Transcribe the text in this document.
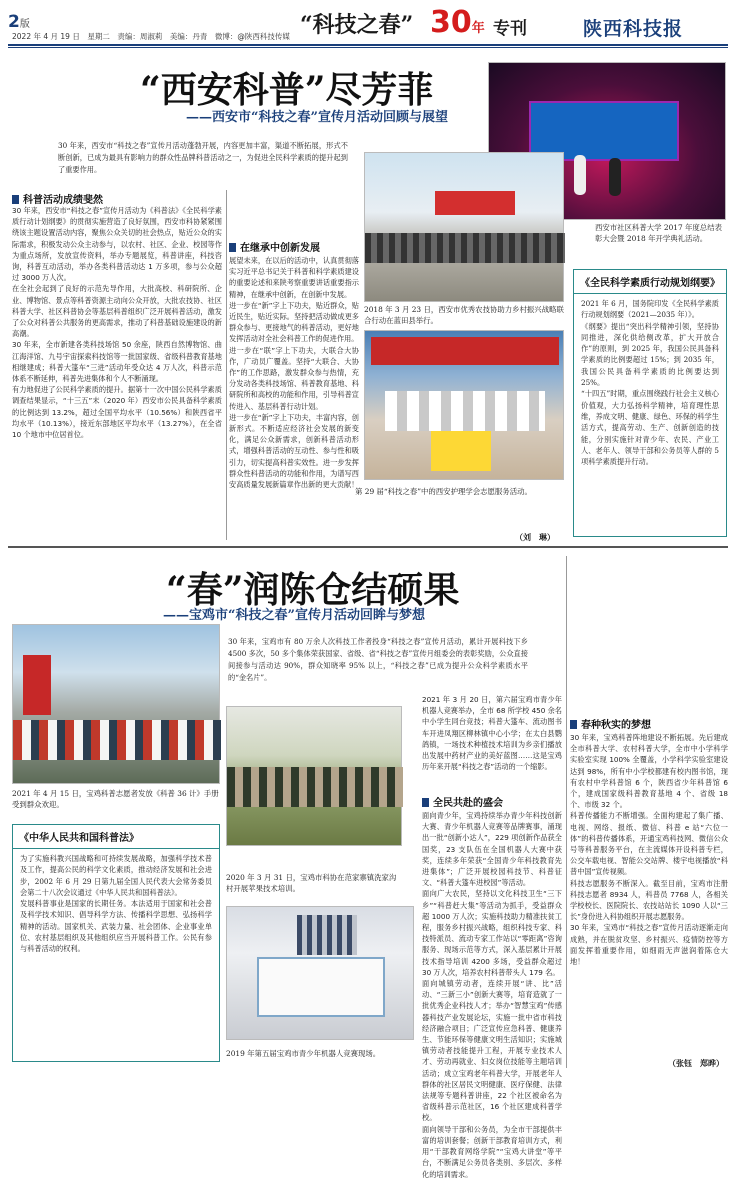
2版
2022 年 4 月 19 日　星期二　责编：周淑莉　美编：丹青　微博：@陕西科技传媒 “科技之春” 30年 专刊	陕西科技报
“西安科普”尽芳菲
——西安市“科技之春”宣传月活动回顾与展望
30 年来，西安市“科技之春”宣传月活动蓬勃开展，内容更加丰富，渠道不断拓展，形式不断创新，已成为最具有影响力的群众性品牌科普活动之一，为促进全民科学素质的提升起到了重要作用。
科普活动成绩斐然
30 年来，西安市“科技之春”宣传月活动为《科普法》《全民科学素质行动计划纲要》的贯彻实施营造了良好氛围，西安市科协紧紧围绕该主题设置活动内容，聚焦公众关切的社会热点，贴近公众的实际需求，积极发动公众主动参与，以农村、社区、企业、校园等作为重点场所，发放宣传资料，举办专题展览，科普讲座，科技咨询，科普互动活动，举办各类科普活动达 1 万多项，参与公众超过 3000 万人次。
在全社会起到了良好的示范先导作用，大批高校、科研院所、企业、博物馆、景点等科普资源主动向公众开放，大批农技协、社区科普大学、社区科普协会等基层科普组织广泛开展科普活动，激发了公众对科普公共服务的更高需求，推动了科普基础设施建设的新高潮。
30 年来，全市新建各类科技场馆 50 余座，陕西自然博物馆、曲江海洋馆、九号宇宙探索科技馆等一批国家级、省级科普教育基地相继建成；科普大篷车“三进”活动年受众达 4 万人次，科普示范体系不断延伸，科普先进集体和个人不断涌现。
有力地促进了公民科学素质的提升。据第十一次中国公民科学素质调查结果显示，“十三五”末（2020 年）西安市公民具备科学素质的比例达到 13.2%，超过全国平均水平（10.56%）和陕西省平均水平（10.13%），接近东部地区平均水平（13.27%），在全省 10 个地市中位居首位。
在继承中创新发展
展望未来，在以后的活动中，认真贯彻落实习近平总书记关于科普和科学素质建设的重要论述和来陕考察重要讲话重要指示精神，在继承中创新，在创新中发展。
进一步在“新”字上下功夫，贴近群众，贴近民生，贴近实际。坚持把活动做成更多群众参与、更接地气的科普活动，更好地发挥活动对全社会科普工作的促进作用。
进一步在“联”字上下功夫，大联合大协作，广动员广覆盖。坚持“大联合、大协作”的工作思路，激发群众参与热情，充分发动各类科技场馆、科普教育基地、科研院所和高校的功能和作用，引导科普宣传进入、基层科普行动计划。
进一步在“新”字上下功夫，丰富内容，创新形式。不断适应经济社会发展的新变化，满足公众新需求，创新科普活动形式，增强科普活动的互动性、参与性和吸引力，切实提高科普实效性。进一步发挥群众性科普活动的功能和作用，为谱写西安高质量发展新篇章作出新的更大贡献！
（刘　琳）
西安市社区科普大学 2017 年度总结表彰大会暨 2018 年开学典礼活动。
2018 年 3 月 23 日，西安市优秀农技协助力乡村振兴战略联合行动在蓝田县举行。
第 29 届“科技之春”中的西安护理学会志愿服务活动。
《全民科学素质行动规划纲要》
2021 年 6 月，国务院印发《全民科学素质行动规划纲要（2021—2035 年）》。
《纲要》提出“突出科学精神引领，坚持协同推进，深化供给侧改革，扩大开放合作”的原则，到 2025 年，我国公民具备科学素质的比例要超过 15%；到 2035 年，我国公民具备科学素质的比例要达到 25%。
“十四五”时期，重点围绕践行社会主义核心价值观，大力弘扬科学精神，培育理性思维，养成文明、健康、绿色、环保的科学生活方式，提高劳动、生产、创新创造的技能，分别实施针对青少年、农民、产业工人、老年人、领导干部和公务员等人群的 5 项科学素质提升行动。
“春”润陈仓结硕果
——宝鸡市“科技之春”宣传月活动回眸与梦想
30 年来，宝鸡市有 80 万余人次科技工作者投身“科技之春”宣传月活动，累计开展科技下乡 4500 多次，50 多个集体荣获国家、省级、省“科技之春”宣传月组委会的表彰奖励，公众直接间接参与活动达 90%，群众知晓率 95% 以上，“科技之春”已成为提升公众科学素质水平的“金名片”。
2021 年 4 月 15 日，宝鸡科普志愿者发放《科普 36 计》手册受到群众欢迎。
《中华人民共和国科普法》
为了实施科教兴国战略和可持续发展战略，加强科学技术普及工作，提高公民的科学文化素质，推动经济发展和社会进步，2002 年 6 月 29 日第九届全国人民代表大会常务委员会第二十八次会议通过《中华人民共和国科普法》。
发展科普事业是国家的长期任务。本法适用于国家和社会普及科学技术知识、倡导科学方法、传播科学思想、弘扬科学精神的活动。国家机关、武装力量、社会团体、企业事业单位、农村基层组织及其他组织应当开展科普工作。公民有参与科普活动的权利。
2020 年 3 月 31 日，宝鸡市科协在范家寨镇洗家沟村开展苹果技术培训。
2019 年第五届宝鸡市青少年机器人竞赛现场。
2021 年 3 月 20 日，第六届宝鸡市青少年机器人竞赛举办，全市 68 所学校 450 余名中小学生同台竞技；科普大篷车、流动图书车开进凤翔区柳林镇中心小学；在太白县鹦鸽镇，一场技术种植技术培训为乡亲们播放出发展中药材产业的美好蓝图……这是宝鸡历年来开展“科技之春”活动的一个缩影。
全民共赴的盛会
面向青少年，宝鸡持续举办青少年科技创新大赛、青少年机器人竞赛等品牌赛事，涌现出一批“创新小达人”，229 项创新作品获全国奖，23 支队伍在全国机器人大赛中获奖，连续多年荣获“全国青少年科技教育先进集体”；广泛开展校园科技节、科普征文、“科普大篷车进校园”等活动。
面向广大农民，坚持以文化科技卫生“三下乡”“科普赶大集”等活动为抓手，受益群众超 1000 万人次；实施科技助力精准扶贫工程，服务乡村振兴战略，组织科技专家、科技特派员、流动专家工作站以“零距离”咨询服务、现场示范等方式，深入基层累计开展技术指导培训 4200 多场，受益群众超过 30 万人次，培养农村科普带头人 179 名。
面向城镇劳动者，连续开展“讲、比”活动、“三新三小”创新大赛等，培育造就了一批优秀企业科技人才；举办“智慧宝鸡”传感器科技产业发展论坛，实施一批中省市科技经济融合项目；广泛宣传应急科普、健康养生、节能环保等健康文明生活知识；实施城镇劳动者技能提升工程，开展专业技术人才、劳动再就业、妇女岗位技能等主题培训活动；成立宝鸡老年科普大学，开展老年人群体的社区居民文明健康、医疗保健、法律法规等专题科普讲座，22 个社区被命名为省级科普示范社区，16 个社区建成科普学校。
面向领导干部和公务员，为全市干部提供丰富的培训套餐；创新干部教育培训方式，利用“干部教育网络学院”“宝鸡大讲堂”等平台，不断满足公务员各类别、多层次、多样化的培训需求。
春种秋实的梦想
30 年来，宝鸡科普阵地建设不断拓展。先后建成全市科普大学、农村科普大学，全市中小学科学实验室实现 100% 全覆盖，小学科学实验室建设达到 98%，所有中小学校都建有校内图书馆，现有农村中学科普馆 6 个，陕西省少年科普馆 6 个，建成国家级科普教育基地 4 个、省级 18 个、市级 32 个。
科普传播能力不断增强。全面构建起了集广播、电视、网络、报纸、微信、科普 e 站“六位一体”的科普传播体系，开通宝鸡科技网、微信公众号等科普服务平台，在主流媒体开设科普专栏，公交车载电视、智能公交站牌、楼宇电视播放“科普中国”宣传视频。
科技志愿服务不断深入。截至目前，宝鸡市注册科技志愿者 8934 人，科普员 7768 人，各相关学校校长、医院院长、农技站站长 1090 人以“三长”身份进入科协组织开展志愿服务。
30 年来，宝鸡市“科技之春”宣传月活动逐渐走向成熟，并在脱贫攻坚、乡村振兴、疫情防控等方面发挥着重要作用，如细雨无声滋润着陈仓大地！
（张钰　郑晔）
